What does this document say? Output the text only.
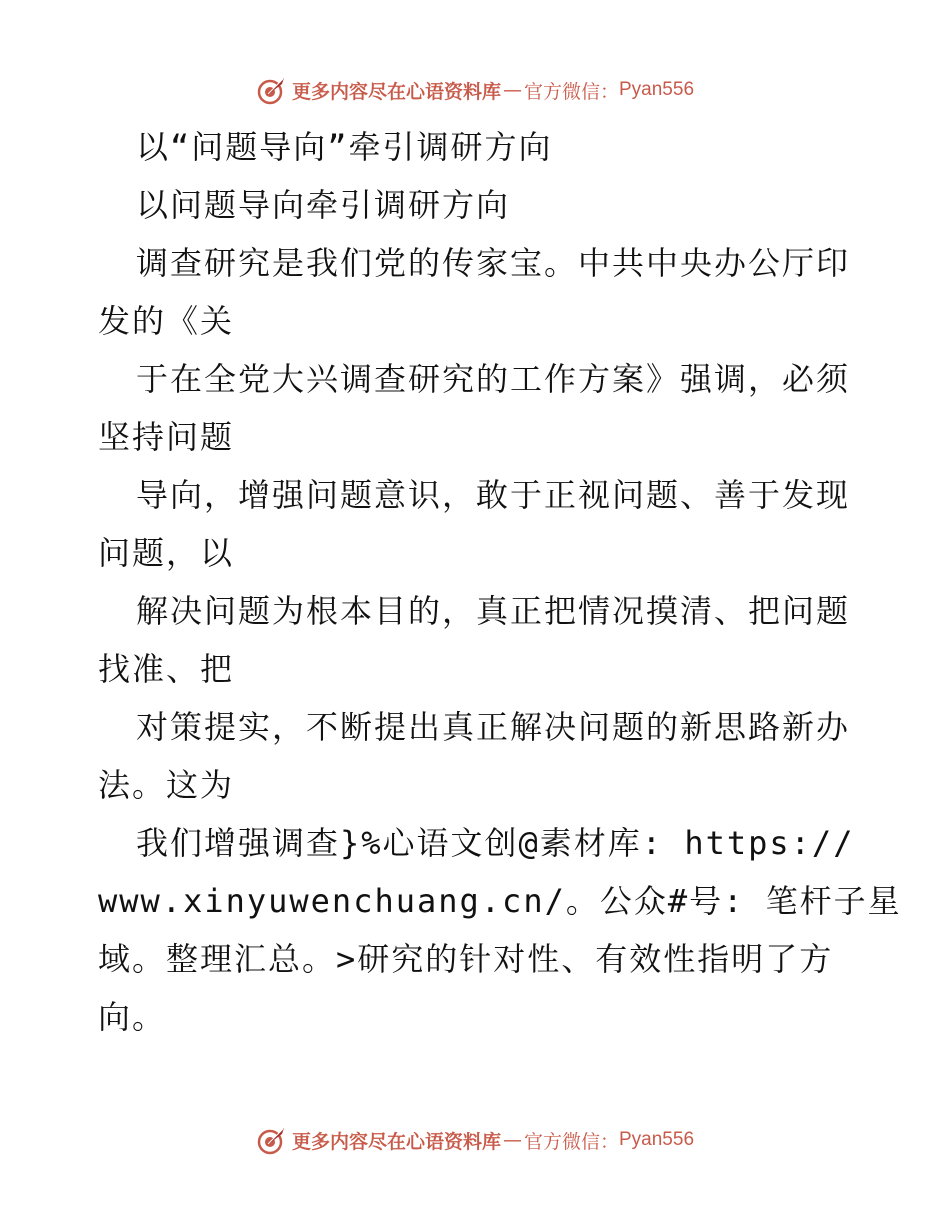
更多内容尽在心语资料库 — 官方微信： Pyan556
以“问题导向”牵引调研方向
以问题导向牵引调研方向
调查研究是我们党的传家宝。中共中央办公厅印
发的《关
于在全党大兴调查研究的工作方案》强调，必须
坚持问题
导向，增强问题意识，敢于正视问题、善于发现
问题，以
解决问题为根本目的，真正把情况摸清、把问题
找准、把
对策提实，不断提出真正解决问题的新思路新办
法。这为
我们增强调查}%心语文创@素材库: https://
www.xinyuwenchuang.cn/。公众#号: 笔杆子星
域。整理汇总。>研究的针对性、有效性指明了方
向。
更多内容尽在心语资料库 — 官方微信： Pyan556
